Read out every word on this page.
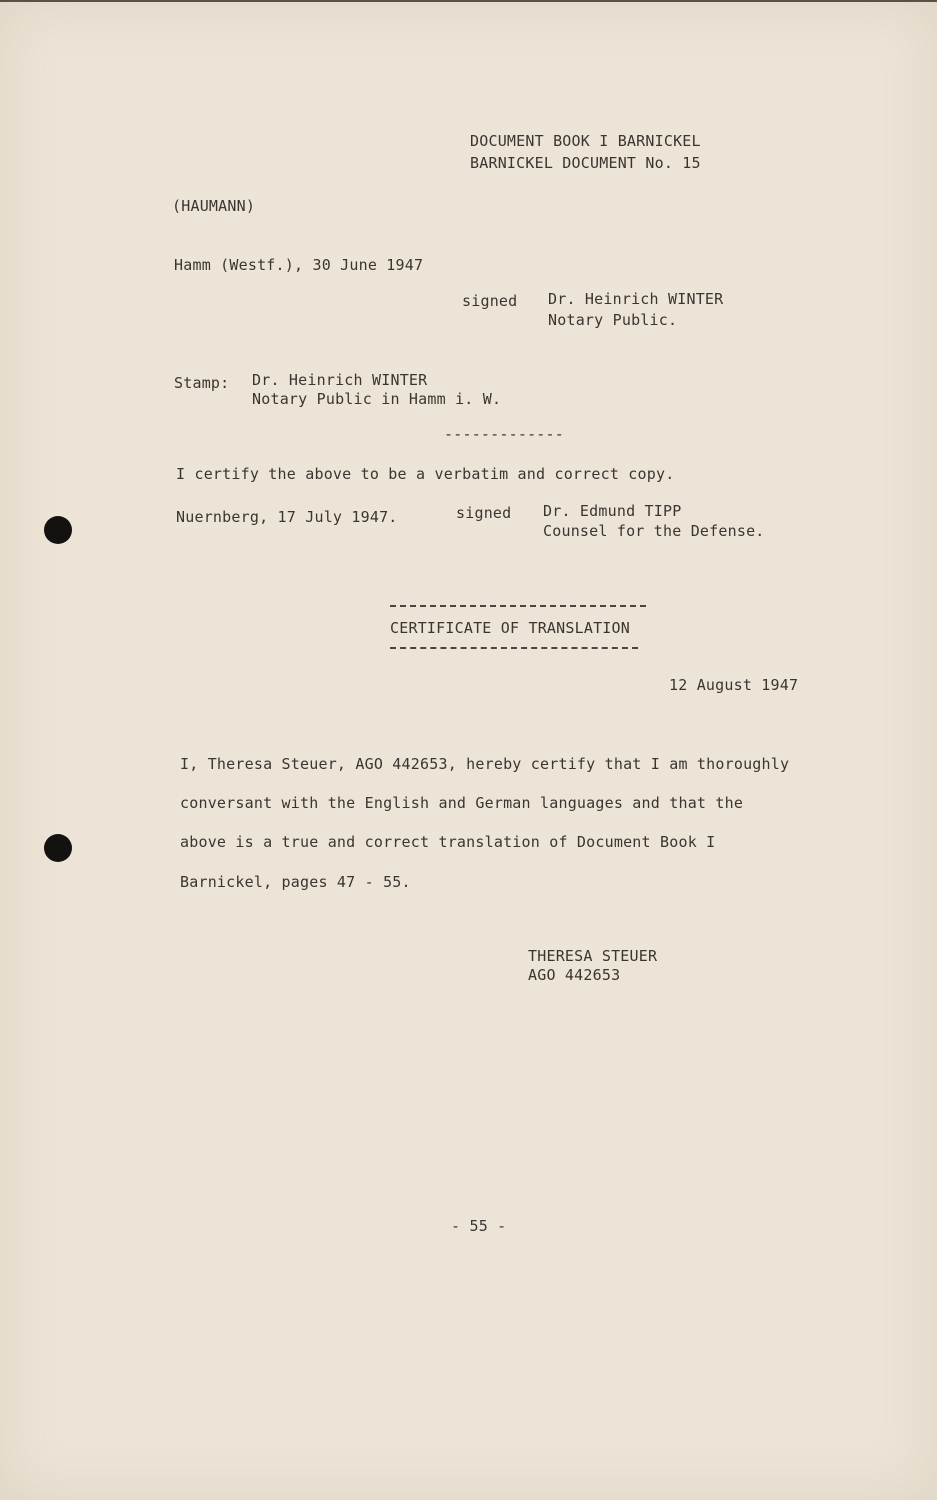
DOCUMENT BOOK I BARNICKEL
BARNICKEL DOCUMENT No. 15
(HAUMANN)
Hamm (Westf.), 30 June 1947
signed Dr. Heinrich WINTER
Notary Public.
Stamp: Dr. Heinrich WINTER
Notary Public in Hamm i. W.
-------------
I certify the above to be a verbatim and correct copy.
Nuernberg, 17 July 1947.	signed Dr. Edmund TIPP
Counsel for the Defense.
CERTIFICATE OF TRANSLATION
12 August 1947
I, Theresa Steuer, AGO 442653, hereby certify that I am thoroughly
conversant with the English and German languages and that the
above is a true and correct translation of Document Book I
Barnickel, pages 47 - 55.
THERESA STEUER
AGO 442653
- 55 -
